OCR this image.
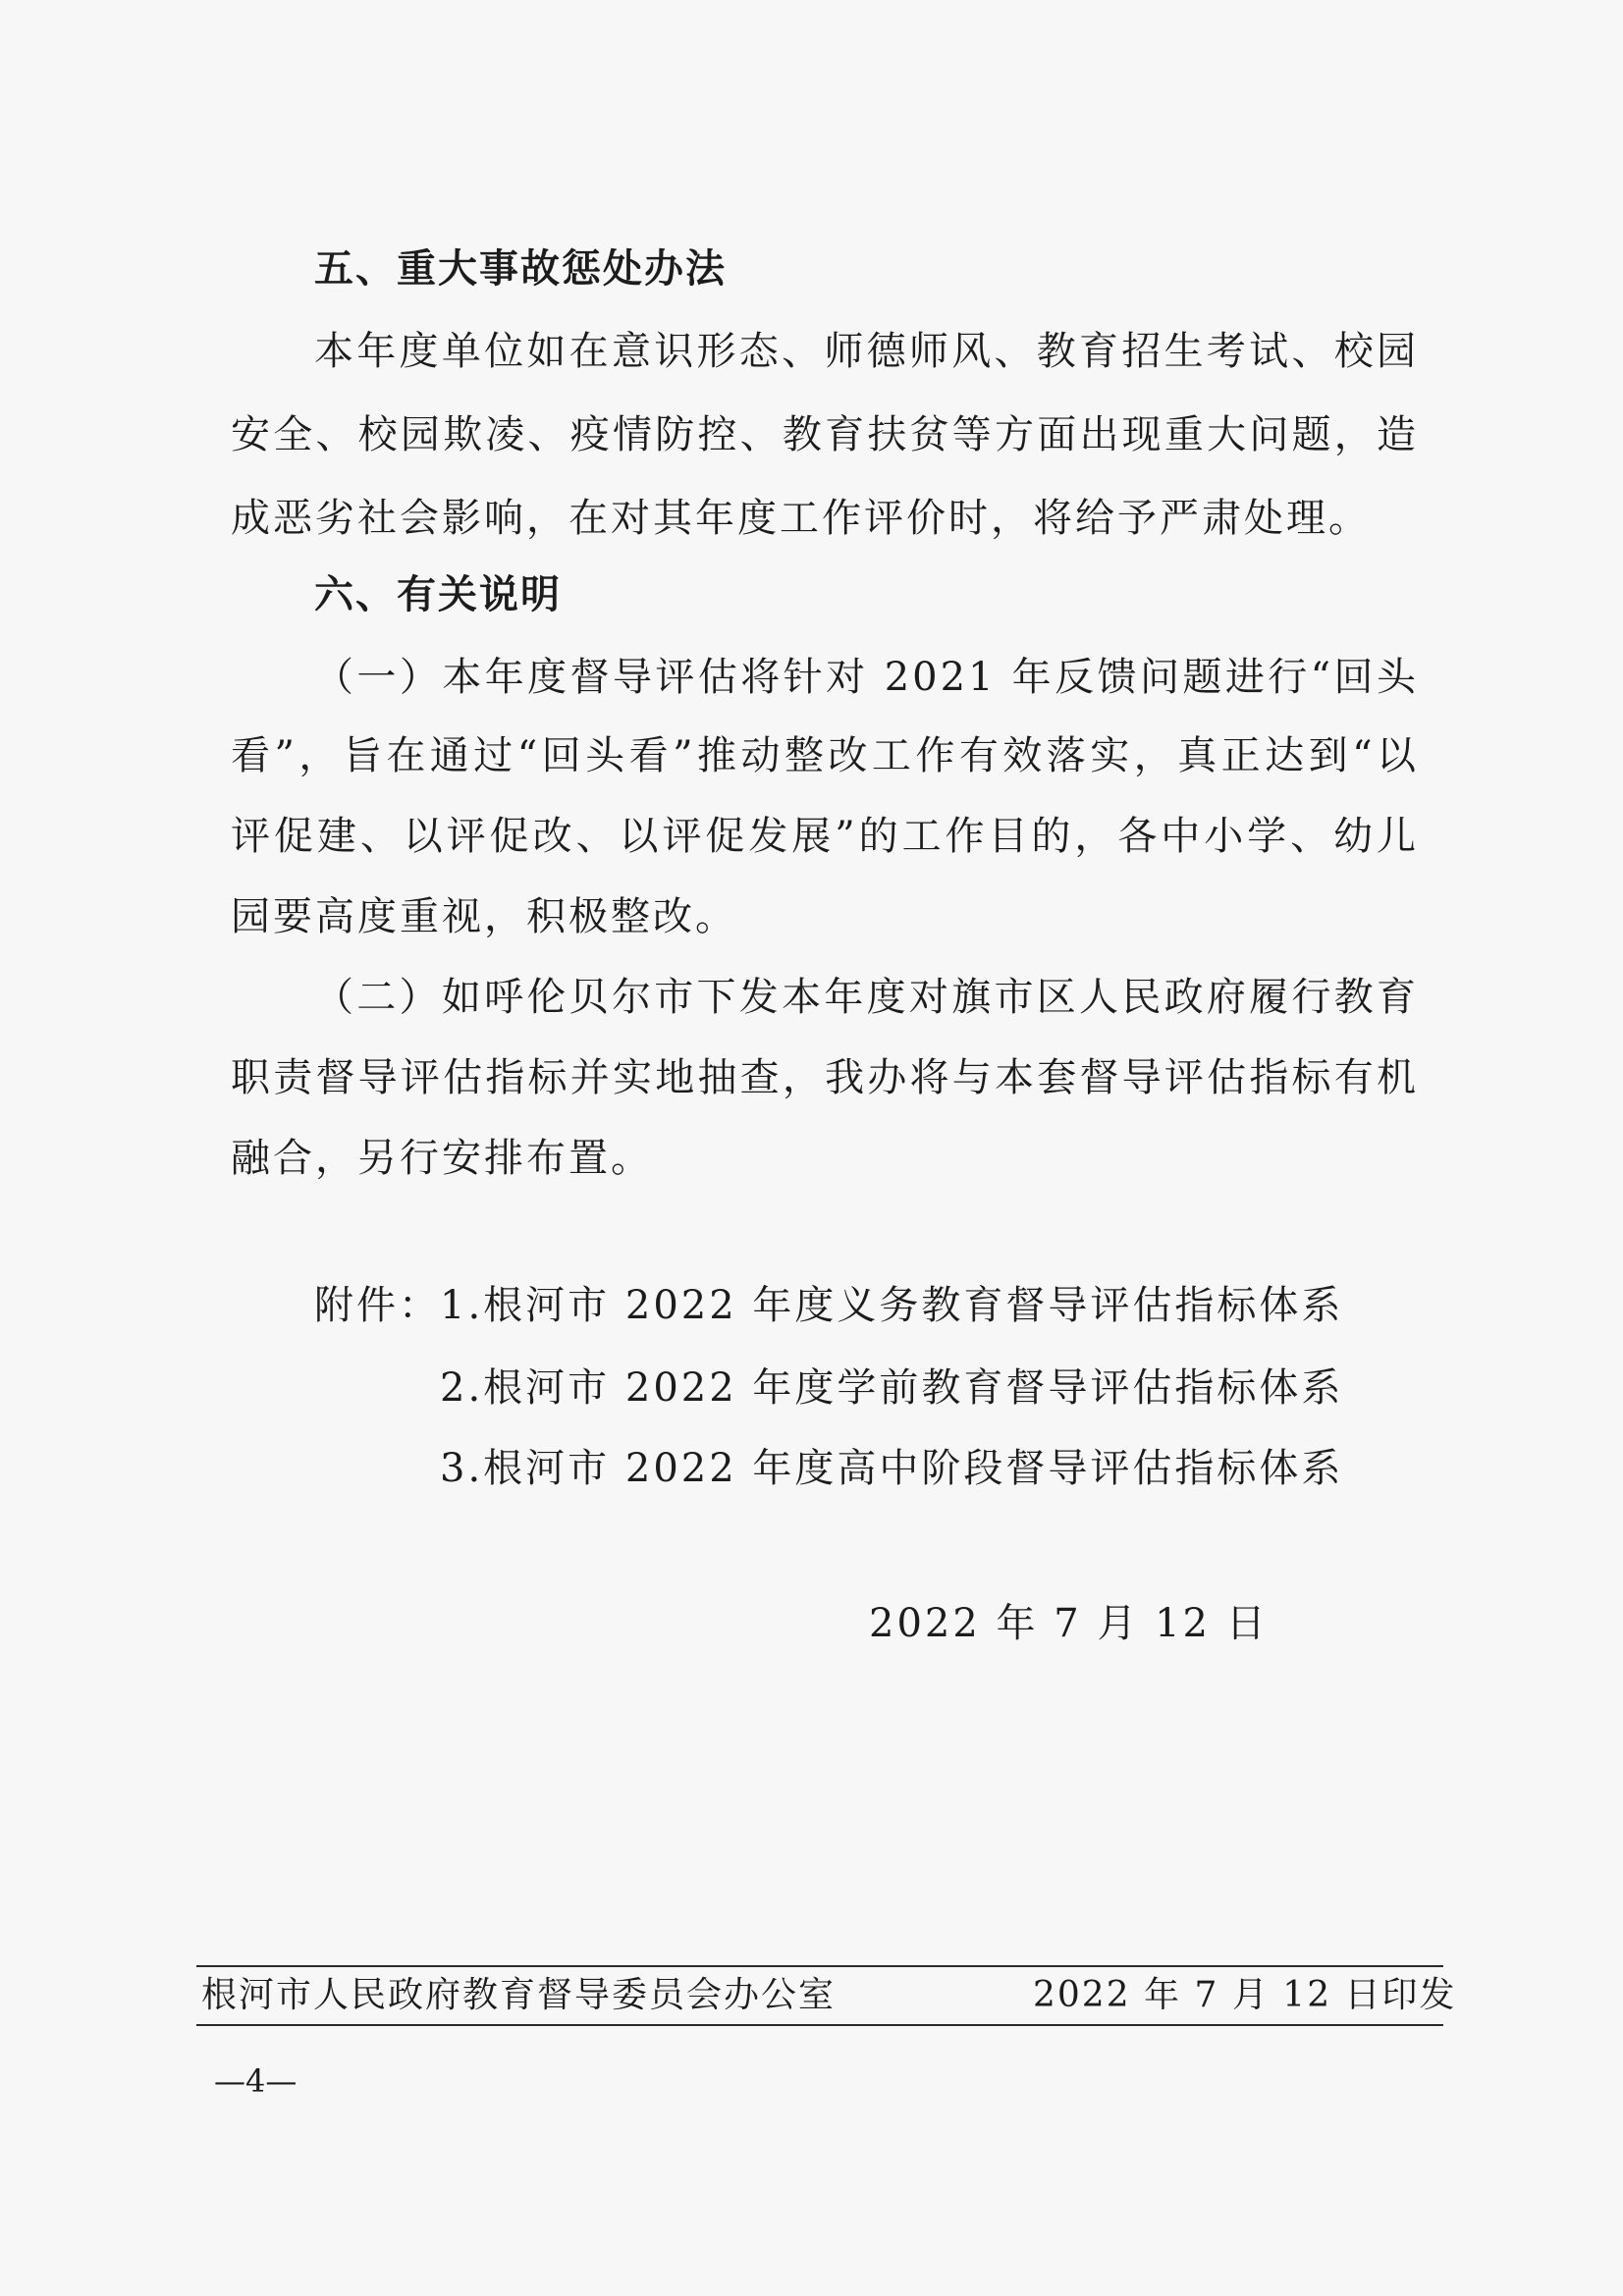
五、重大事故惩处办法
本年度单位如在意识形态、师德师风、教育招生考试、校园
安全、校园欺凌、疫情防控、教育扶贫等方面出现重大问题，造
成恶劣社会影响，在对其年度工作评价时，将给予严肃处理。
六、有关说明
（一）本年度督导评估将针对 2021 年反馈问题进行“回头
看”，旨在通过“回头看”推动整改工作有效落实，真正达到“以
评促建、以评促改、以评促发展”的工作目的，各中小学、幼儿
园要高度重视，积极整改。
（二）如呼伦贝尔市下发本年度对旗市区人民政府履行教育
职责督导评估指标并实地抽查，我办将与本套督导评估指标有机
融合，另行安排布置。
附件： 1.根河市 2022 年度义务教育督导评估指标体系
2.根河市 2022 年度学前教育督导评估指标体系
3.根河市 2022 年度高中阶段督导评估指标体系
2022 年 7 月 12 日
根河市人民政府教育督导委员会办公室	2022 年 7 月 12 日印发
—4—
